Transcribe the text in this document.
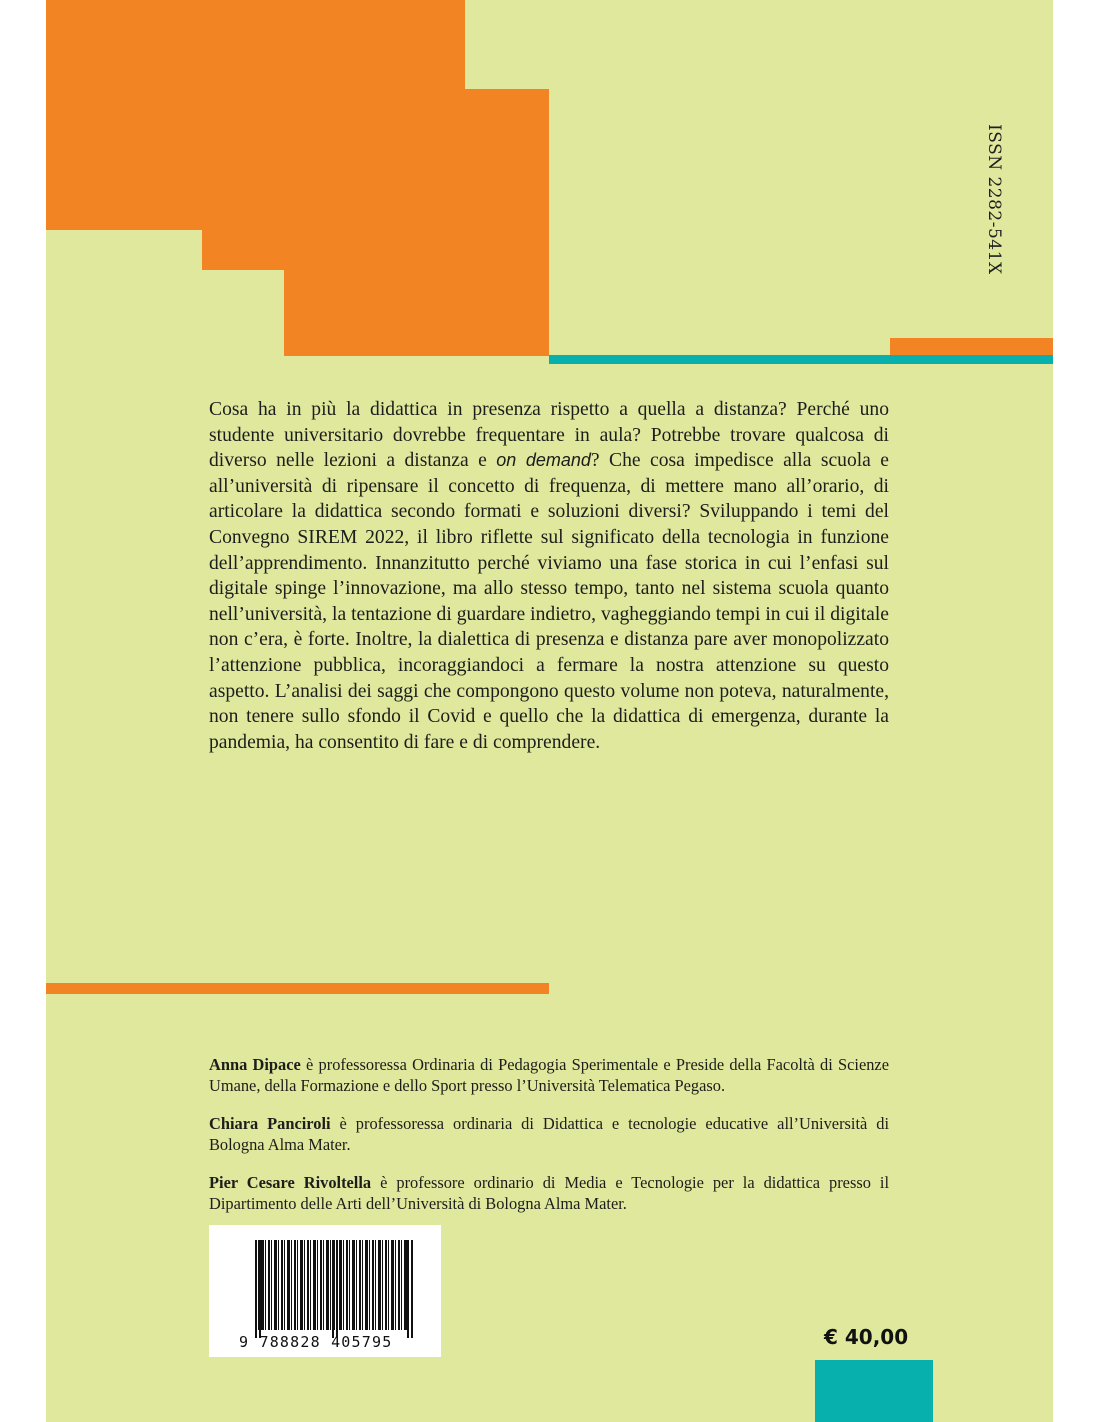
ISSN 2282-541X
Cosa ha in più la didattica in presenza rispetto a quella a distanza? Perché uno studente universitario dovrebbe frequentare in aula? Potrebbe trovare qualcosa di diverso nelle lezioni a distanza e on demand? Che cosa impedisce alla scuola e all’università di ripensare il concetto di frequenza, di mettere mano all’orario, di articolare la didattica secondo formati e soluzioni diversi? Sviluppando i temi del Convegno SIREM 2022, il libro riflette sul significato della tecnologia in funzione dell’apprendimento. Innanzitutto perché viviamo una fase storica in cui l’enfasi sul digitale spinge l’innovazione, ma allo stesso tempo, tanto nel sistema scuola quanto nell’università, la tentazione di guardare indietro, vagheggiando tempi in cui il digitale non c’era, è forte. Inoltre, la dialettica di presenza e distanza pare aver monopolizzato l’attenzione pubblica, incoraggiandoci a fermare la nostra attenzione su questo aspetto. L’analisi dei saggi che compongono questo volume non poteva, naturalmente, non tenere sullo sfondo il Covid e quello che la didattica di emergenza, durante la pandemia, ha consentito di fare e di comprendere.

Anna Dipace è professoressa Ordinaria di Pedagogia Sperimentale e Preside della Facoltà di Scienze Umane, della Formazione e dello Sport presso l’Università Telematica Pegaso.

Chiara Panciroli è professoressa ordinaria di Didattica e tecnologie educative all’Università di Bologna Alma Mater.

Pier Cesare Rivoltella è professore ordinario di Media e Tecnologie per la didattica presso il Dipartimento delle Arti dell’Università di Bologna Alma Mater.

9 788828 405795	€ 40,00
